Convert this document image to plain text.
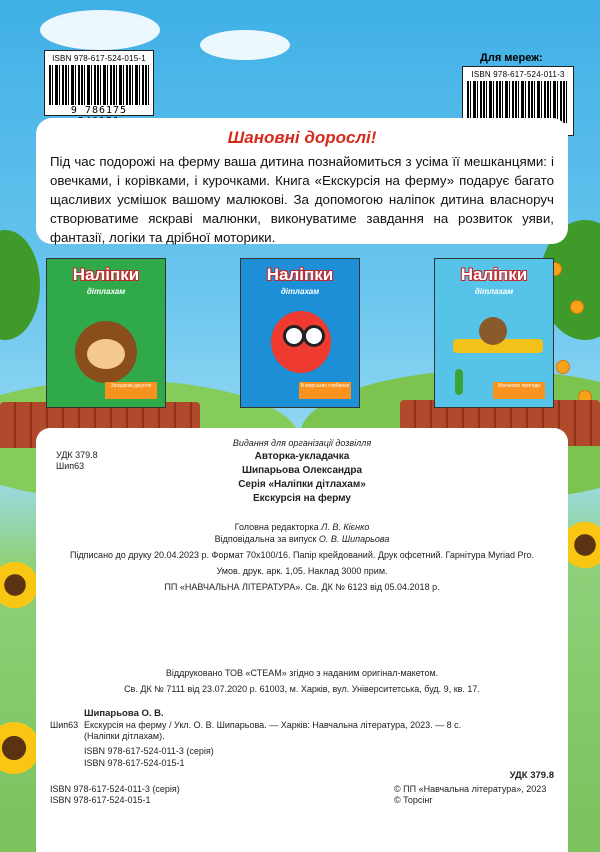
ISBN 978-617-524-015-1
9 786175
Для мереж:
ISBN 978-617-524-011-3
Шановні дорослі!

Під час подорожі на ферму ваша дитина познайомиться з усіма її мешканцями: і овечками, і корівками, і курочками. Книга «Екскурсія на ферму» подарує багато щасливих усмішок вашому малюкові. За допомогою наліпок дитина власноруч створюватиме яскраві малюнки, виконуватиме завдання на розвиток уяви, фантазії, логіки та дрібної моторики.

Наліпки
дітлахам
Загадкові джунглі
Наліпки
дітлахам
В морських глибинах
Наліпки
дітлахам
Малюємо пригоди
УДК 379.8
Шип63
Видання для організації дозвілля
Авторка-укладачка
Шипарьова Олександра
Серія «Наліпки дітлахам»
Екскурсія на ферму
Головна редакторка Л. В. Кієнко
Відповідальна за випуск О. В. Шипарьова
Підписано до друку 20.04.2023 р. Формат 70x100/16. Папір крейдований. Друк офсетний. Гарнітура Myriad Pro.
Умов. друк. арк. 1,05. Наклад 3000 прим.
ПП «НАВЧАЛЬНА ЛІТЕРАТУРА». Св. ДК № 6123 від 05.04.2018 р.
Віддруковано ТОВ «СТЕАМ» згідно з наданим оригінал-макетом.
Св. ДК № 7111 від 23.07.2020 р. 61003, м. Харків, вул. Університетська, буд. 9, кв. 17.
Шипарьова О. В.
Шип63 Екскурсія на ферму / Укл. О. В. Шипарьова. — Харків: Навчальна література, 2023. — 8 с.
(Наліпки дітлахам).
ISBN 978-617-524-011-3 (серія)
ISBN 978-617-524-015-1
УДК 379.8
ISBN 978-617-524-011-3 (серія)
ISBN 978-617-524-015-1
© ПП «Навчальна література», 2023
© Торсінг
